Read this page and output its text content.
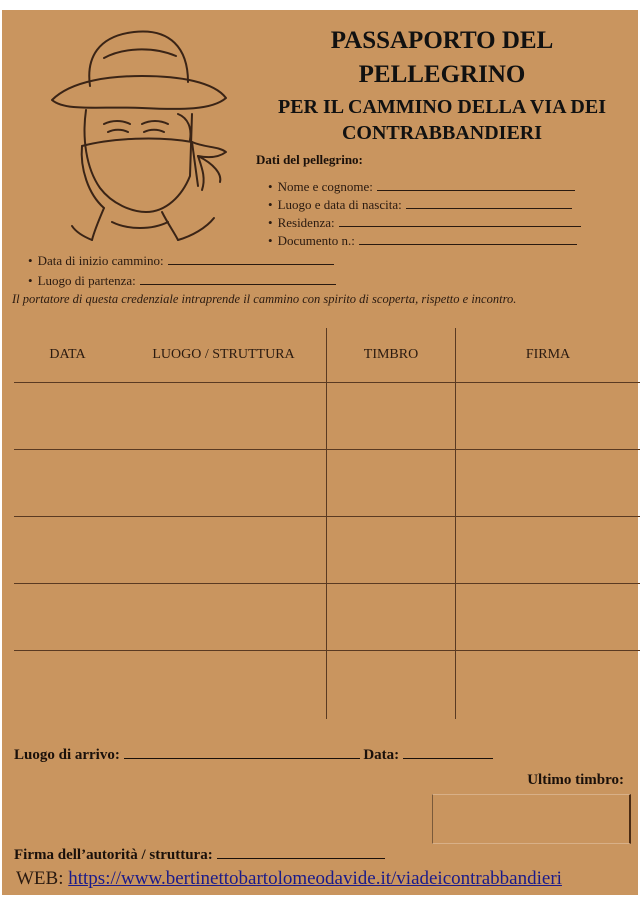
PASSAPORTO DEL
PELLEGRINO
PER IL CAMMINO DELLA VIA DEI
CONTRABBANDIERI
Dati del pellegrino:
• Nome e cognome:
• Luogo e data di nascita:
• Residenza:
• Documento n.:
• Data di inizio cammino:
• Luogo di partenza:
Il portatore di questa credenziale intraprende il cammino con spirito di scoperta, rispetto e incontro.
DATA	LUOGO / STRUTTURA	TIMBRO	FIRMA

Luogo di arrivo:	Data:
Ultimo timbro:
Firma dell’autorità / struttura:
WEB: https://www.bertinettobartolomeodavide.it/viadeicontrabbandieri
